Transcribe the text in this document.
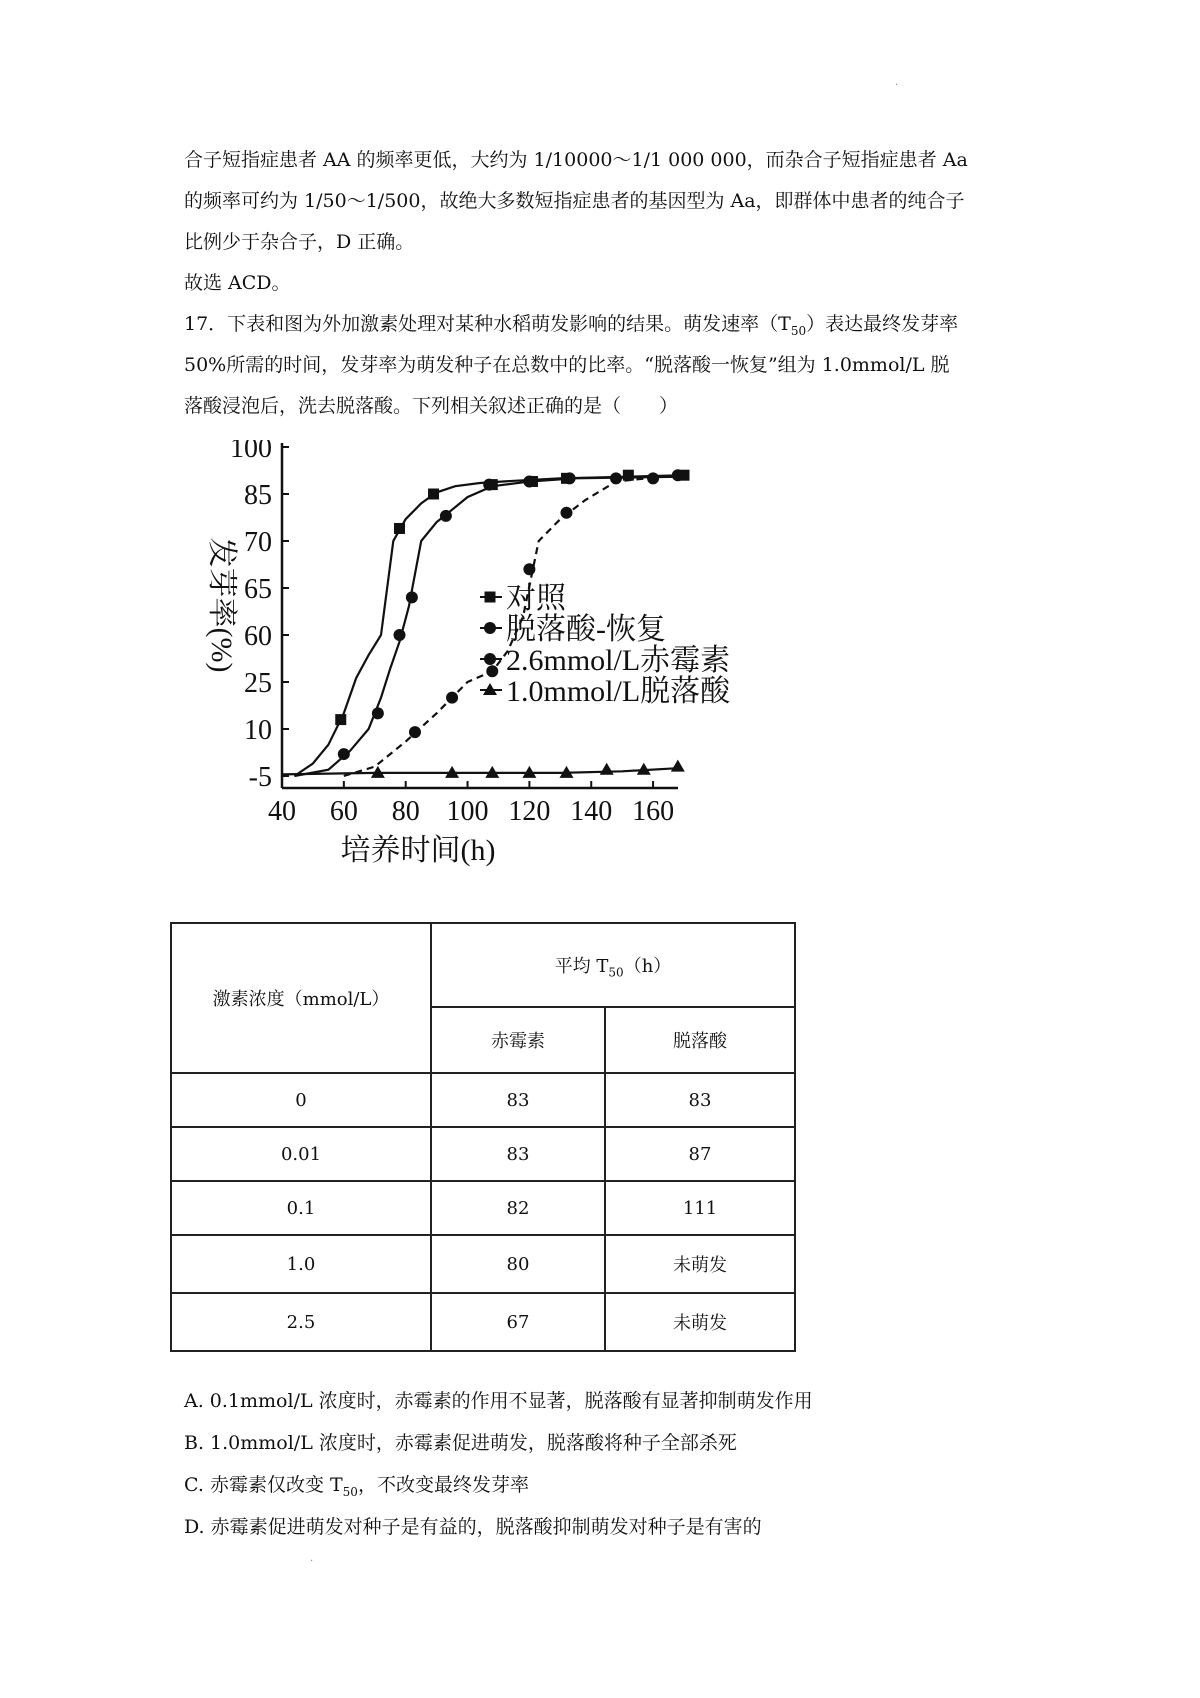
·
合子短指症患者 AA 的频率更低，大约为 1/10000～1/1 000 000，而杂合子短指症患者 Aa
的频率可约为 1/50～1/500，故绝大多数短指症患者的基因型为 Aa，即群体中患者的纯合子
比例少于杂合子，D 正确。
故选 ACD。
17．下表和图为外加激素处理对某种水稻萌发影响的结果。萌发速率$(T_{50})$表达最终发芽率
50%所需的时间，发芽率为萌发种子在总数中的比率。“脱落酸一恢复”组为 1.0mmol/L 脱
落酸浸泡后，洗去脱落酸。下列相关叙述正确的是（　　）
100
85
70
65
60
25
10
-5
40 60 80 100 120 140 160
对照
脱落酸-恢复
2.6mmol/L赤霉素
1.0mmol/L脱落酸
发芽率(%)
培养时间(h)
激素浓度（mmol/L）	平均 $T_{50}(h)$	
	赤霉素	脱落酸
0	83	83
0.01	83	87
0.1	82	111
1.0	80	未萌发
2.5	67	未萌发
A. 0.1mmol/L 浓度时，赤霉素的作用不显著，脱落酸有显著抑制萌发作用
B. 1.0mmol/L 浓度时，赤霉素促进萌发，脱落酸将种子全部杀死
C. 赤霉素仅改变 $T_{50}$，不改变最终发芽率
D. 赤霉素促进萌发对种子是有益的，脱落酸抑制萌发对种子是有害的
·
